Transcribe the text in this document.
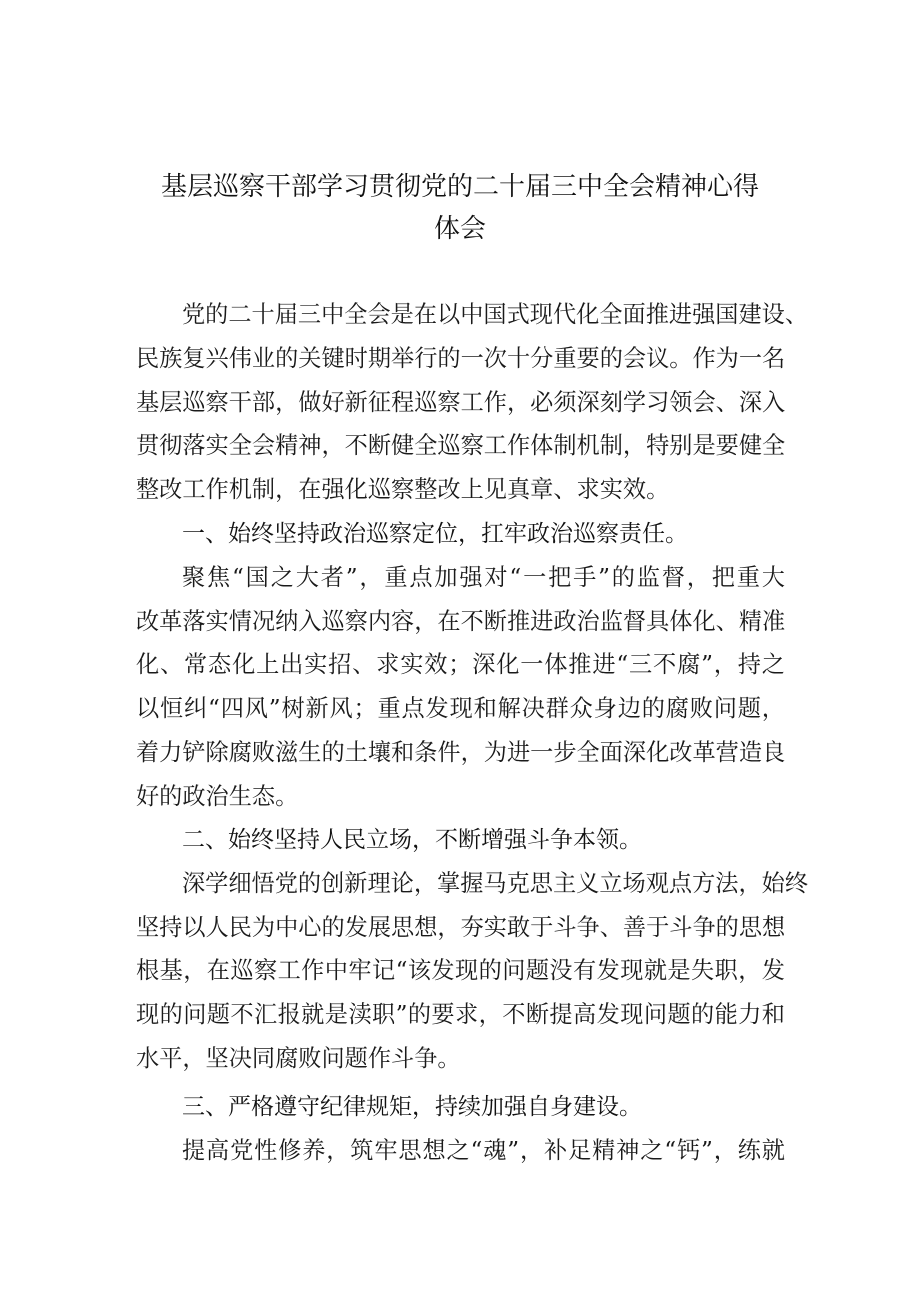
基层巡察干部学习贯彻党的二十届三中全会精神心得
体会
党的二十届三中全会是在以中国式现代化全面推进强国建设、
民族复兴伟业的关键时期举行的一次十分重要的会议。作为一名
基层巡察干部，做好新征程巡察工作，必须深刻学习领会、深入
贯彻落实全会精神，不断健全巡察工作体制机制，特别是要健全
整改工作机制，在强化巡察整改上见真章、求实效。
一、始终坚持政治巡察定位，扛牢政治巡察责任。
聚焦“国之大者”，重点加强对“一把手”的监督，把重大
改革落实情况纳入巡察内容，在不断推进政治监督具体化、精准
化、常态化上出实招、求实效；深化一体推进“三不腐”，持之
以恒纠“四风”树新风；重点发现和解决群众身边的腐败问题，
着力铲除腐败滋生的土壤和条件，为进一步全面深化改革营造良
好的政治生态。
二、始终坚持人民立场，不断增强斗争本领。
深学细悟党的创新理论，掌握马克思主义立场观点方法，始终
坚持以人民为中心的发展思想，夯实敢于斗争、善于斗争的思想
根基，在巡察工作中牢记“该发现的问题没有发现就是失职，发
现的问题不汇报就是渎职”的要求，不断提高发现问题的能力和
水平，坚决同腐败问题作斗争。
三、严格遵守纪律规矩，持续加强自身建设。
提高党性修养，筑牢思想之“魂”，补足精神之“钙”，练就
